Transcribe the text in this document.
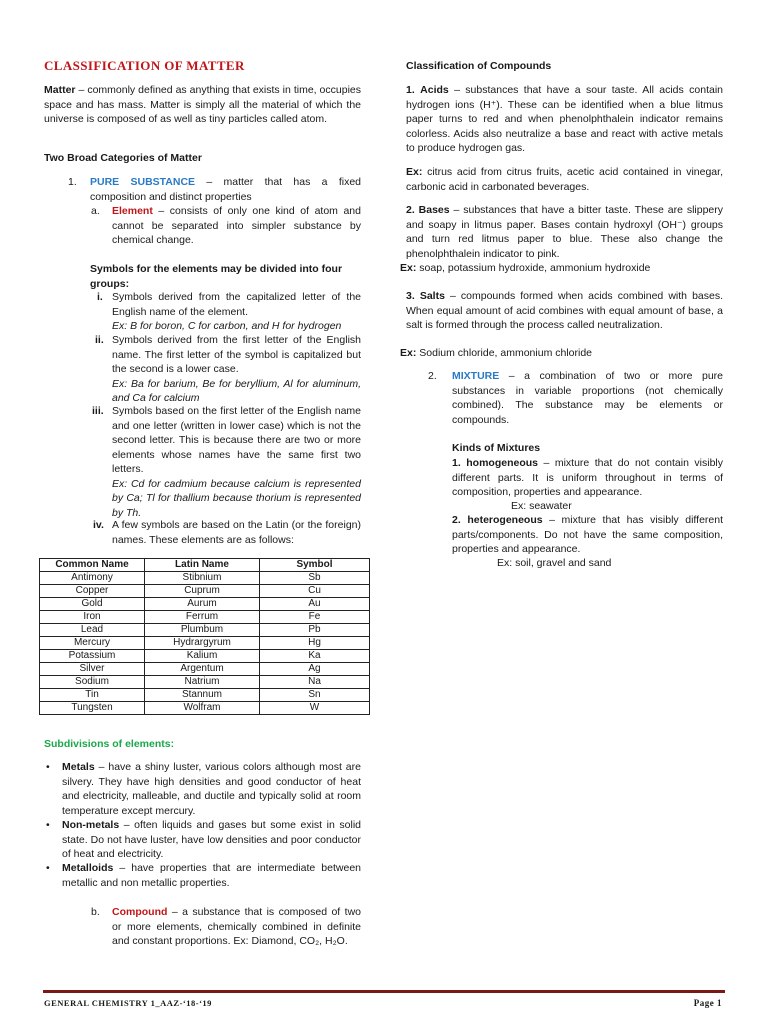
CLASSIFICATION OF MATTER
Matter – commonly defined as anything that exists in time, occupies space and has mass. Matter is simply all the material of which the universe is composed of as well as tiny particles called atom.
Two Broad Categories of Matter
1. PURE SUBSTANCE – matter that has a fixed composition and distinct properties
a. Element – consists of only one kind of atom and cannot be separated into simpler substance by chemical change.
Symbols for the elements may be divided into four groups:
i. Symbols derived from the capitalized letter of the English name of the element.
Ex: B for boron, C for carbon, and H for hydrogen
ii. Symbols derived from the first letter of the English name. The first letter of the symbol is capitalized but the second is a lower case.
Ex: Ba for barium, Be for beryllium, Al for aluminum, and Ca for calcium
iii. Symbols based on the first letter of the English name and one letter (written in lower case) which is not the second letter. This is because there are two or more elements whose names have the same first two letters.
Ex: Cd for cadmium because calcium is represented by Ca; Tl for thallium because thorium is represented by Th.
iv. A few symbols are based on the Latin (or the foreign) names. These elements are as follows:
Common Name	Latin Name	Symbol
Antimony	Stibnium	Sb
Copper	Cuprum	Cu
Gold	Aurum	Au
Iron	Ferrum	Fe
Lead	Plumbum	Pb
Mercury	Hydrargyrum	Hg
Potassium	Kalium	Ka
Silver	Argentum	Ag
Sodium	Natrium	Na
Tin	Stannum	Sn
Tungsten	Wolfram	W
Subdivisions of elements:
• Metals – have a shiny luster, various colors although most are silvery. They have high densities and good conductor of heat and electricity, malleable, and ductile and typically solid at room temperature except mercury.
• Non-metals – often liquids and gases but some exist in solid state. Do not have luster, have low densities and poor conductor of heat and electricity.
• Metalloids – have properties that are intermediate between metallic and non metallic properties.
b. Compound – a substance that is composed of two or more elements, chemically combined in definite and constant proportions. Ex: Diamond, CO₂, H₂O.
Classification of Compounds
1. Acids – substances that have a sour taste. All acids contain hydrogen ions (H⁺). These can be identified when a blue litmus paper turns to red and when phenolphthalein indicator remains colorless. Acids also neutralize a base and react with active metals to produce hydrogen gas.
Ex: citrus acid from citrus fruits, acetic acid contained in vinegar, carbonic acid in carbonated beverages.
2. Bases – substances that have a bitter taste. These are slippery and soapy in litmus paper. Bases contain hydroxyl (OH⁻) groups and turn red litmus paper to blue. These also change the phenolphthalein indicator to pink.
Ex: soap, potassium hydroxide, ammonium hydroxide
3. Salts – compounds formed when acids combined with bases. When equal amount of acid combines with equal amount of base, a salt is formed through the process called neutralization.
Ex: Sodium chloride, ammonium chloride
2. MIXTURE – a combination of two or more pure substances in variable proportions (not chemically combined). The substance may be elements or compounds.
Kinds of Mixtures
1. homogeneous – mixture that do not contain visibly different parts. It is uniform throughout in terms of composition, properties and appearance.
Ex: seawater
2. heterogeneous – mixture that has visibly different parts/components. Do not have the same composition, properties and appearance.
Ex: soil, gravel and sand
GENERAL CHEMISTRY 1_AAZ-‘18-‘19	Page 1
